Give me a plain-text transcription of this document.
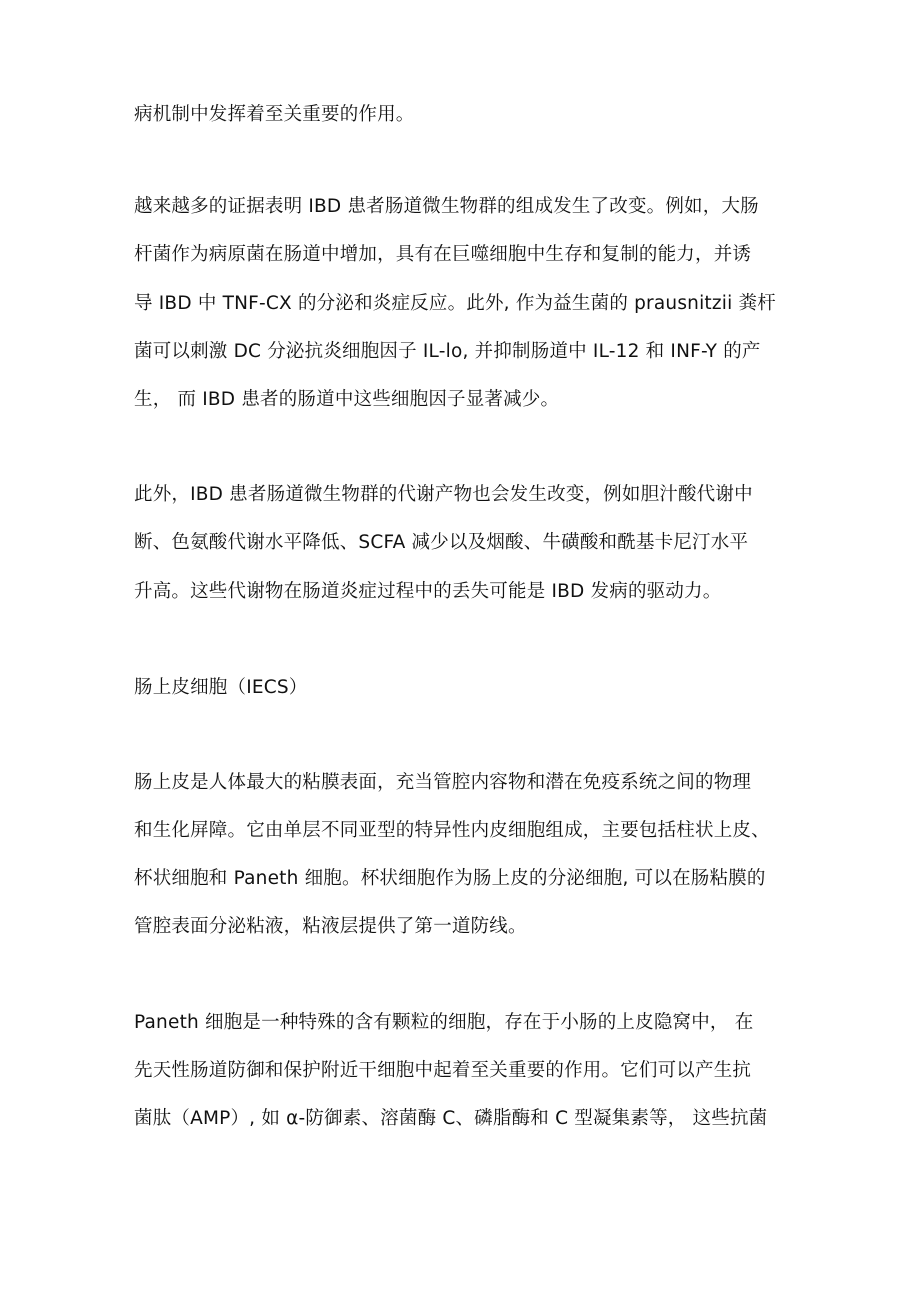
病机制中发挥着至关重要的作用。
越来越多的证据表明 IBD 患者肠道微生物群的组成发生了改变。例如，大肠
杆菌作为病原菌在肠道中增加，具有在巨噬细胞中生存和复制的能力，并诱
导 IBD 中 TNF-CX 的分泌和炎症反应。此外, 作为益生菌的 prausnitzii 粪杆
菌可以刺激 DC 分泌抗炎细胞因子 IL-lo, 并抑制肠道中 IL-12 和 INF-Y 的产
生， 而 IBD 患者的肠道中这些细胞因子显著减少。
此外，IBD 患者肠道微生物群的代谢产物也会发生改变，例如胆汁酸代谢中
断、色氨酸代谢水平降低、SCFA 减少以及烟酸、牛磺酸和酰基卡尼汀水平
升高。这些代谢物在肠道炎症过程中的丢失可能是 IBD 发病的驱动力。
肠上皮细胞（IECS）
肠上皮是人体最大的粘膜表面，充当管腔内容物和潜在免疫系统之间的物理
和生化屏障。它由单层不同亚型的特异性内皮细胞组成，主要包括柱状上皮、
杯状细胞和 Paneth 细胞。杯状细胞作为肠上皮的分泌细胞, 可以在肠粘膜的
管腔表面分泌粘液，粘液层提供了第一道防线。
Paneth 细胞是一种特殊的含有颗粒的细胞，存在于小肠的上皮隐窝中， 在
先天性肠道防御和保护附近干细胞中起着至关重要的作用。它们可以产生抗
菌肽（AMP）, 如 α-防御素、溶菌酶 C、磷脂酶和 C 型凝集素等， 这些抗菌
